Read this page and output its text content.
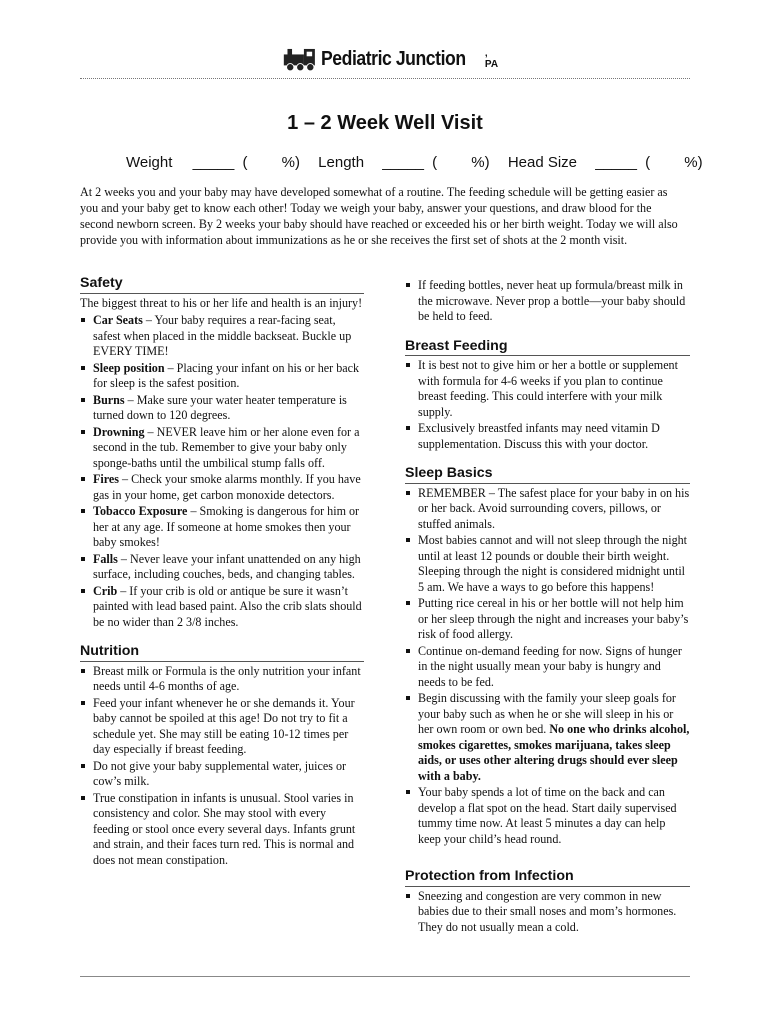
Pediatric Junction , PA
1 – 2 Week Well Visit
Weight _____ ( %) Length _____ ( %) Head Size _____ ( %)
At 2 weeks you and your baby may have developed somewhat of a routine. The feeding schedule will be getting easier as you and your baby get to know each other! Today we weigh your baby, answer your questions, and draw blood for the second newborn screen. By 2 weeks your baby should have reached or exceeded his or her birth weight. Today we will also provide you with information about immunizations as he or she receives the first set of shots at the 2 month visit.
Safety

The biggest threat to his or her life and health is an injury!

Car Seats – Your baby requires a rear-facing seat, safest when placed in the middle backseat. Buckle up EVERY TIME!
Sleep position – Placing your infant on his or her back for sleep is the safest position.
Burns – Make sure your water heater temperature is turned down to 120 degrees.
Drowning – NEVER leave him or her alone even for a second in the tub. Remember to give your baby only sponge-baths until the umbilical stump falls off.
Fires – Check your smoke alarms monthly. If you have gas in your home, get carbon monoxide detectors.
Tobacco Exposure – Smoking is dangerous for him or her at any age. If someone at home smokes then your baby smokes!
Falls – Never leave your infant unattended on any high surface, including couches, beds, and changing tables.
Crib – If your crib is old or antique be sure it wasn’t painted with lead based paint. Also the crib slats should be no wider than 2 3/8 inches.
Nutrition
Breast milk or Formula is the only nutrition your infant needs until 4-6 months of age.
Feed your infant whenever he or she demands it. Your baby cannot be spoiled at this age! Do not try to fit a schedule yet. She may still be eating 10-12 times per day especially if breast feeding.
Do not give your baby supplemental water, juices or cow’s milk.
True constipation in infants is unusual. Stool varies in consistency and color. She may stool with every feeding or stool once every several days. Infants grunt and strain, and their faces turn red. This is normal and does not mean constipation.
If feeding bottles, never heat up formula/breast milk in the microwave. Never prop a bottle—your baby should be held to feed.
Breast Feeding
It is best not to give him or her a bottle or supplement with formula for 4-6 weeks if you plan to continue breast feeding. This could interfere with your milk supply.
Exclusively breastfed infants may need vitamin D supplementation. Discuss this with your doctor.
Sleep Basics
REMEMBER – The safest place for your baby in on his or her back. Avoid surrounding covers, pillows, or stuffed animals.
Most babies cannot and will not sleep through the night until at least 12 pounds or double their birth weight. Sleeping through the night is considered midnight until 5 am. We have a ways to go before this happens!
Putting rice cereal in his or her bottle will not help him or her sleep through the night and increases your baby’s risk of food allergy.
Continue on-demand feeding for now. Signs of hunger in the night usually mean your baby is hungry and needs to be fed.
Begin discussing with the family your sleep goals for your baby such as when he or she will sleep in his or her own room or own bed. No one who drinks alcohol, smokes cigarettes, smokes marijuana, takes sleep aids, or uses other altering drugs should ever sleep with a baby.
Your baby spends a lot of time on the back and can develop a flat spot on the head. Start daily supervised tummy time now. At least 5 minutes a day can help keep your child’s head round.
Protection from Infection
Sneezing and congestion are very common in new babies due to their small noses and mom’s hormones. They do not usually mean a cold.
